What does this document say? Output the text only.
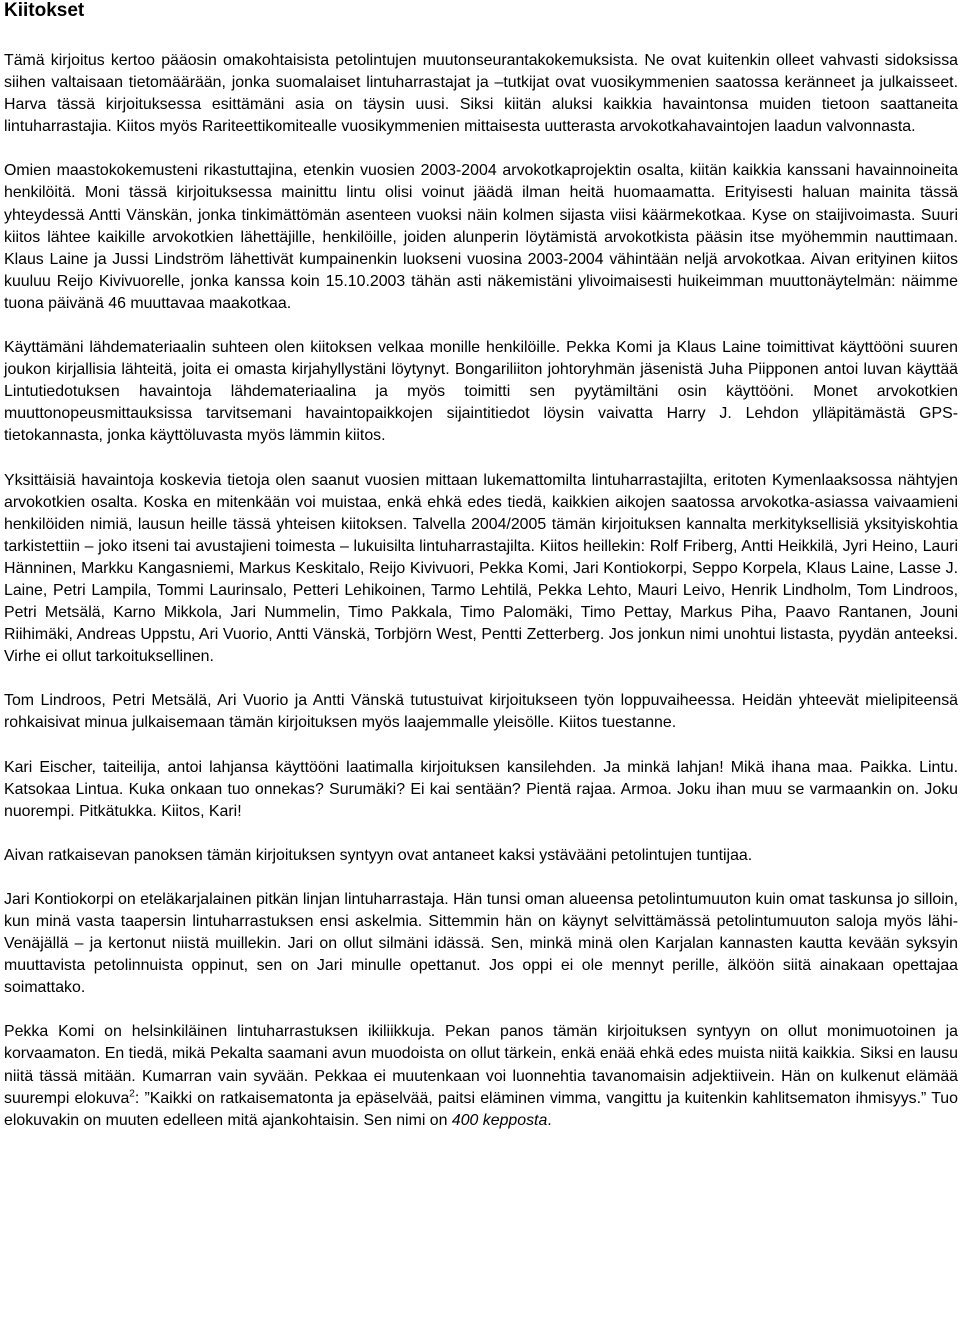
Kiitokset

Tämä kirjoitus kertoo pääosin omakohtaisista petolintujen muutonseurantakokemuksista. Ne ovat kuitenkin olleet vahvasti sidoksissa siihen valtaisaan tietomäärään, jonka suomalaiset lintuharrastajat ja –tutkijat ovat vuosikymmenien saatossa keränneet ja julkaisseet. Harva tässä kirjoituksessa esittämäni asia on täysin uusi. Siksi kiitän aluksi kaikkia havaintonsa muiden tietoon saattaneita lintuharrastajia. Kiitos myös Rariteettikomitealle vuosikymmenien mittaisesta uutterasta arvokotkahavaintojen laadun valvonnasta.

Omien maastokokemusteni rikastuttajina, etenkin vuosien 2003-2004 arvokotkaprojektin osalta, kiitän kaikkia kanssani havainnoineita henkilöitä. Moni tässä kirjoituksessa mainittu lintu olisi voinut jäädä ilman heitä huomaamatta. Erityisesti haluan mainita tässä yhteydessä Antti Vänskän, jonka tinkimättömän asenteen vuoksi näin kolmen sijasta viisi käärmekotkaa. Kyse on staijivoimasta. Suuri kiitos lähtee kaikille arvokotkien lähettäjille, henkilöille, joiden alunperin löytämistä arvokotkista pääsin itse myöhemmin nauttimaan. Klaus Laine ja Jussi Lindström lähettivät kumpainenkin luokseni vuosina 2003-2004 vähintään neljä arvokotkaa. Aivan erityinen kiitos kuuluu Reijo Kivivuorelle, jonka kanssa koin 15.10.2003 tähän asti näkemistäni ylivoimaisesti huikeimman muuttonäytelmän: näimme tuona päivänä 46 muuttavaa maakotkaa.

Käyttämäni lähdemateriaalin suhteen olen kiitoksen velkaa monille henkilöille. Pekka Komi ja Klaus Laine toimittivat käyttööni suuren joukon kirjallisia lähteitä, joita ei omasta kirjahyllystäni löytynyt. Bongariliiton johtoryhmän jäsenistä Juha Piipponen antoi luvan käyttää Lintutiedotuksen havaintoja lähdemateriaalina ja myös toimitti sen pyytämiltäni osin käyttööni. Monet arvokotkien muuttonopeusmittauksissa tarvitsemani havaintopaikkojen sijaintitiedot löysin vaivatta Harry J. Lehdon ylläpitämästä GPS-tietokannasta, jonka käyttöluvasta myös lämmin kiitos.

Yksittäisiä havaintoja koskevia tietoja olen saanut vuosien mittaan lukemattomilta lintuharrastajilta, eritoten Kymenlaaksossa nähtyjen arvokotkien osalta. Koska en mitenkään voi muistaa, enkä ehkä edes tiedä, kaikkien aikojen saatossa arvokotka-asiassa vaivaamieni henkilöiden nimiä, lausun heille tässä yhteisen kiitoksen. Talvella 2004/2005 tämän kirjoituksen kannalta merkityksellisiä yksityiskohtia tarkistettiin – joko itseni tai avustajieni toimesta – lukuisilta lintuharrastajilta. Kiitos heillekin: Rolf Friberg, Antti Heikkilä, Jyri Heino, Lauri Hänninen, Markku Kangasniemi, Markus Keskitalo, Reijo Kivivuori, Pekka Komi, Jari Kontiokorpi, Seppo Korpela, Klaus Laine, Lasse J. Laine, Petri Lampila, Tommi Laurinsalo, Petteri Lehikoinen, Tarmo Lehtilä, Pekka Lehto, Mauri Leivo, Henrik Lindholm, Tom Lindroos, Petri Metsälä, Karno Mikkola, Jari Nummelin, Timo Pakkala, Timo Palomäki, Timo Pettay, Markus Piha, Paavo Rantanen, Jouni Riihimäki, Andreas Uppstu, Ari Vuorio, Antti Vänskä, Torbjörn West, Pentti Zetterberg. Jos jonkun nimi unohtui listasta, pyydän anteeksi. Virhe ei ollut tarkoituksellinen.

Tom Lindroos, Petri Metsälä, Ari Vuorio ja Antti Vänskä tutustuivat kirjoitukseen työn loppuvaiheessa. Heidän yhteevät mielipiteensä rohkaisivat minua julkaisemaan tämän kirjoituksen myös laajemmalle yleisölle. Kiitos tuestanne.

Kari Eischer, taiteilija, antoi lahjansa käyttööni laatimalla kirjoituksen kansilehden. Ja minkä lahjan! Mikä ihana maa. Paikka. Lintu. Katsokaa Lintua. Kuka onkaan tuo onnekas? Surumäki? Ei kai sentään? Pientä rajaa. Armoa. Joku ihan muu se varmaankin on. Joku nuorempi. Pitkätukka. Kiitos, Kari!

Aivan ratkaisevan panoksen tämän kirjoituksen syntyyn ovat antaneet kaksi ystävääni petolintujen tuntijaa.

Jari Kontiokorpi on eteläkarjalainen pitkän linjan lintuharrastaja. Hän tunsi oman alueensa petolintumuuton kuin omat taskunsa jo silloin, kun minä vasta taapersin lintuharrastuksen ensi askelmia. Sittemmin hän on käynyt selvittämässä petolintumuuton saloja myös lähi-Venäjällä – ja kertonut niistä muillekin. Jari on ollut silmäni idässä. Sen, minkä minä olen Karjalan kannasten kautta kevään syksyin muuttavista petolinnuista oppinut, sen on Jari minulle opettanut. Jos oppi ei ole mennyt perille, älköön siitä ainakaan opettajaa soimattako.

Pekka Komi on helsinkiläinen lintuharrastuksen ikiliikkuja. Pekan panos tämän kirjoituksen syntyyn on ollut monimuotoinen ja korvaamaton. En tiedä, mikä Pekalta saamani avun muodoista on ollut tärkein, enkä enää ehkä edes muista niitä kaikkia. Siksi en lausu niitä tässä mitään. Kumarran vain syvään. Pekkaa ei muutenkaan voi luonnehtia tavanomaisin adjektiivein. Hän on kulkenut elämää suurempi elokuva$^2$: ”Kaikki on ratkaisematonta ja epäselvää, paitsi eläminen vimma, vangittu ja kuitenkin kahlitsematon ihmisyys.” Tuo elokuvakin on muuten edelleen mitä ajankohtaisin. Sen nimi on 400 kepposta.
